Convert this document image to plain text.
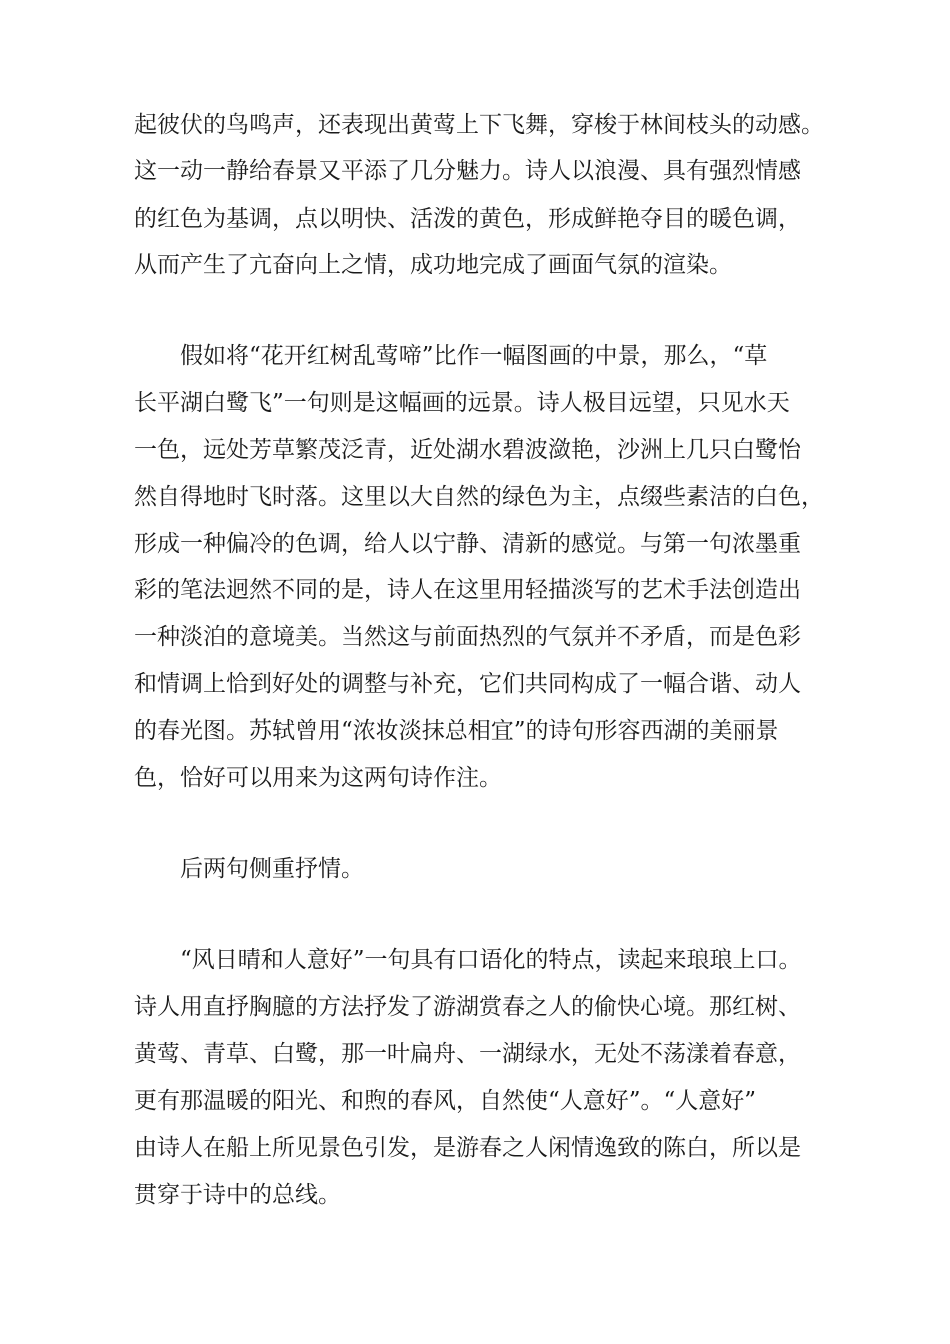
起彼伏的鸟鸣声，还表现出黄莺上下飞舞，穿梭于林间枝头的动感。

这一动一静给春景又平添了几分魅力。诗人以浪漫、具有强烈情感

的红色为基调，点以明快、活泼的黄色，形成鲜艳夺目的暖色调，

从而产生了亢奋向上之情，成功地完成了画面气氛的渲染。

假如将“花开红树乱莺啼”比作一幅图画的中景，那么，“草

长平湖白鹭飞”一句则是这幅画的远景。诗人极目远望，只见水天

一色，远处芳草繁茂泛青，近处湖水碧波潋艳，沙洲上几只白鹭怡

然自得地时飞时落。这里以大自然的绿色为主，点缀些素洁的白色，

形成一种偏冷的色调，给人以宁静、清新的感觉。与第一句浓墨重

彩的笔法迥然不同的是，诗人在这里用轻描淡写的艺术手法创造出

一种淡泊的意境美。当然这与前面热烈的气氛并不矛盾，而是色彩

和情调上恰到好处的调整与补充，它们共同构成了一幅合谐、动人

的春光图。苏轼曾用“浓妆淡抹总相宜”的诗句形容西湖的美丽景

色，恰好可以用来为这两句诗作注。

后两句侧重抒情。

“风日晴和人意好”一句具有口语化的特点，读起来琅琅上口。

诗人用直抒胸臆的方法抒发了游湖赏春之人的偷快心境。那红树、

黄莺、青草、白鹭，那一叶扁舟、一湖绿水，无处不荡漾着春意，

更有那温暖的阳光、和煦的春风，自然使“人意好”。“人意好”

由诗人在船上所见景色引发，是游春之人闲情逸致的陈白，所以是

贯穿于诗中的总线。
